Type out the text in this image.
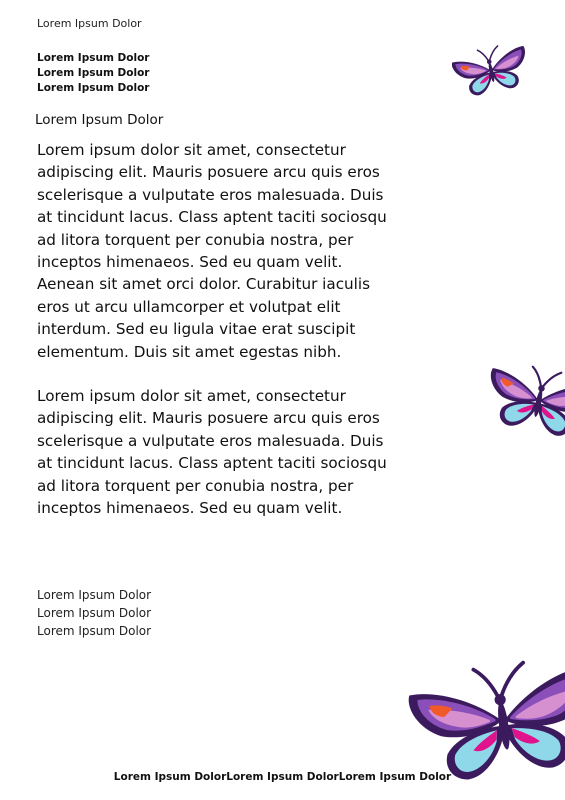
Lorem Ipsum Dolor
Lorem Ipsum Dolor
Lorem Ipsum Dolor
Lorem Ipsum Dolor
Lorem Ipsum Dolor

Lorem ipsum dolor sit amet, consectetur adipiscing elit. Mauris posuere arcu quis eros scelerisque a vulputate eros malesuada. Duis at tincidunt lacus. Class aptent taciti sociosqu ad litora torquent per conubia nostra, per inceptos himenaeos. Sed eu quam velit. Aenean sit amet orci dolor. Curabitur iaculis eros ut arcu ullamcorper et volutpat elit interdum. Sed eu ligula vitae erat suscipit elementum. Duis sit amet egestas nibh.

Lorem ipsum dolor sit amet, consectetur adipiscing elit. Mauris posuere arcu quis eros scelerisque a vulputate eros malesuada. Duis at tincidunt lacus. Class aptent taciti sociosqu ad litora torquent per conubia nostra, per inceptos himenaeos. Sed eu quam velit.

Lorem Ipsum Dolor
Lorem Ipsum Dolor
Lorem Ipsum Dolor
Lorem Ipsum DolorLorem Ipsum DolorLorem Ipsum Dolor
